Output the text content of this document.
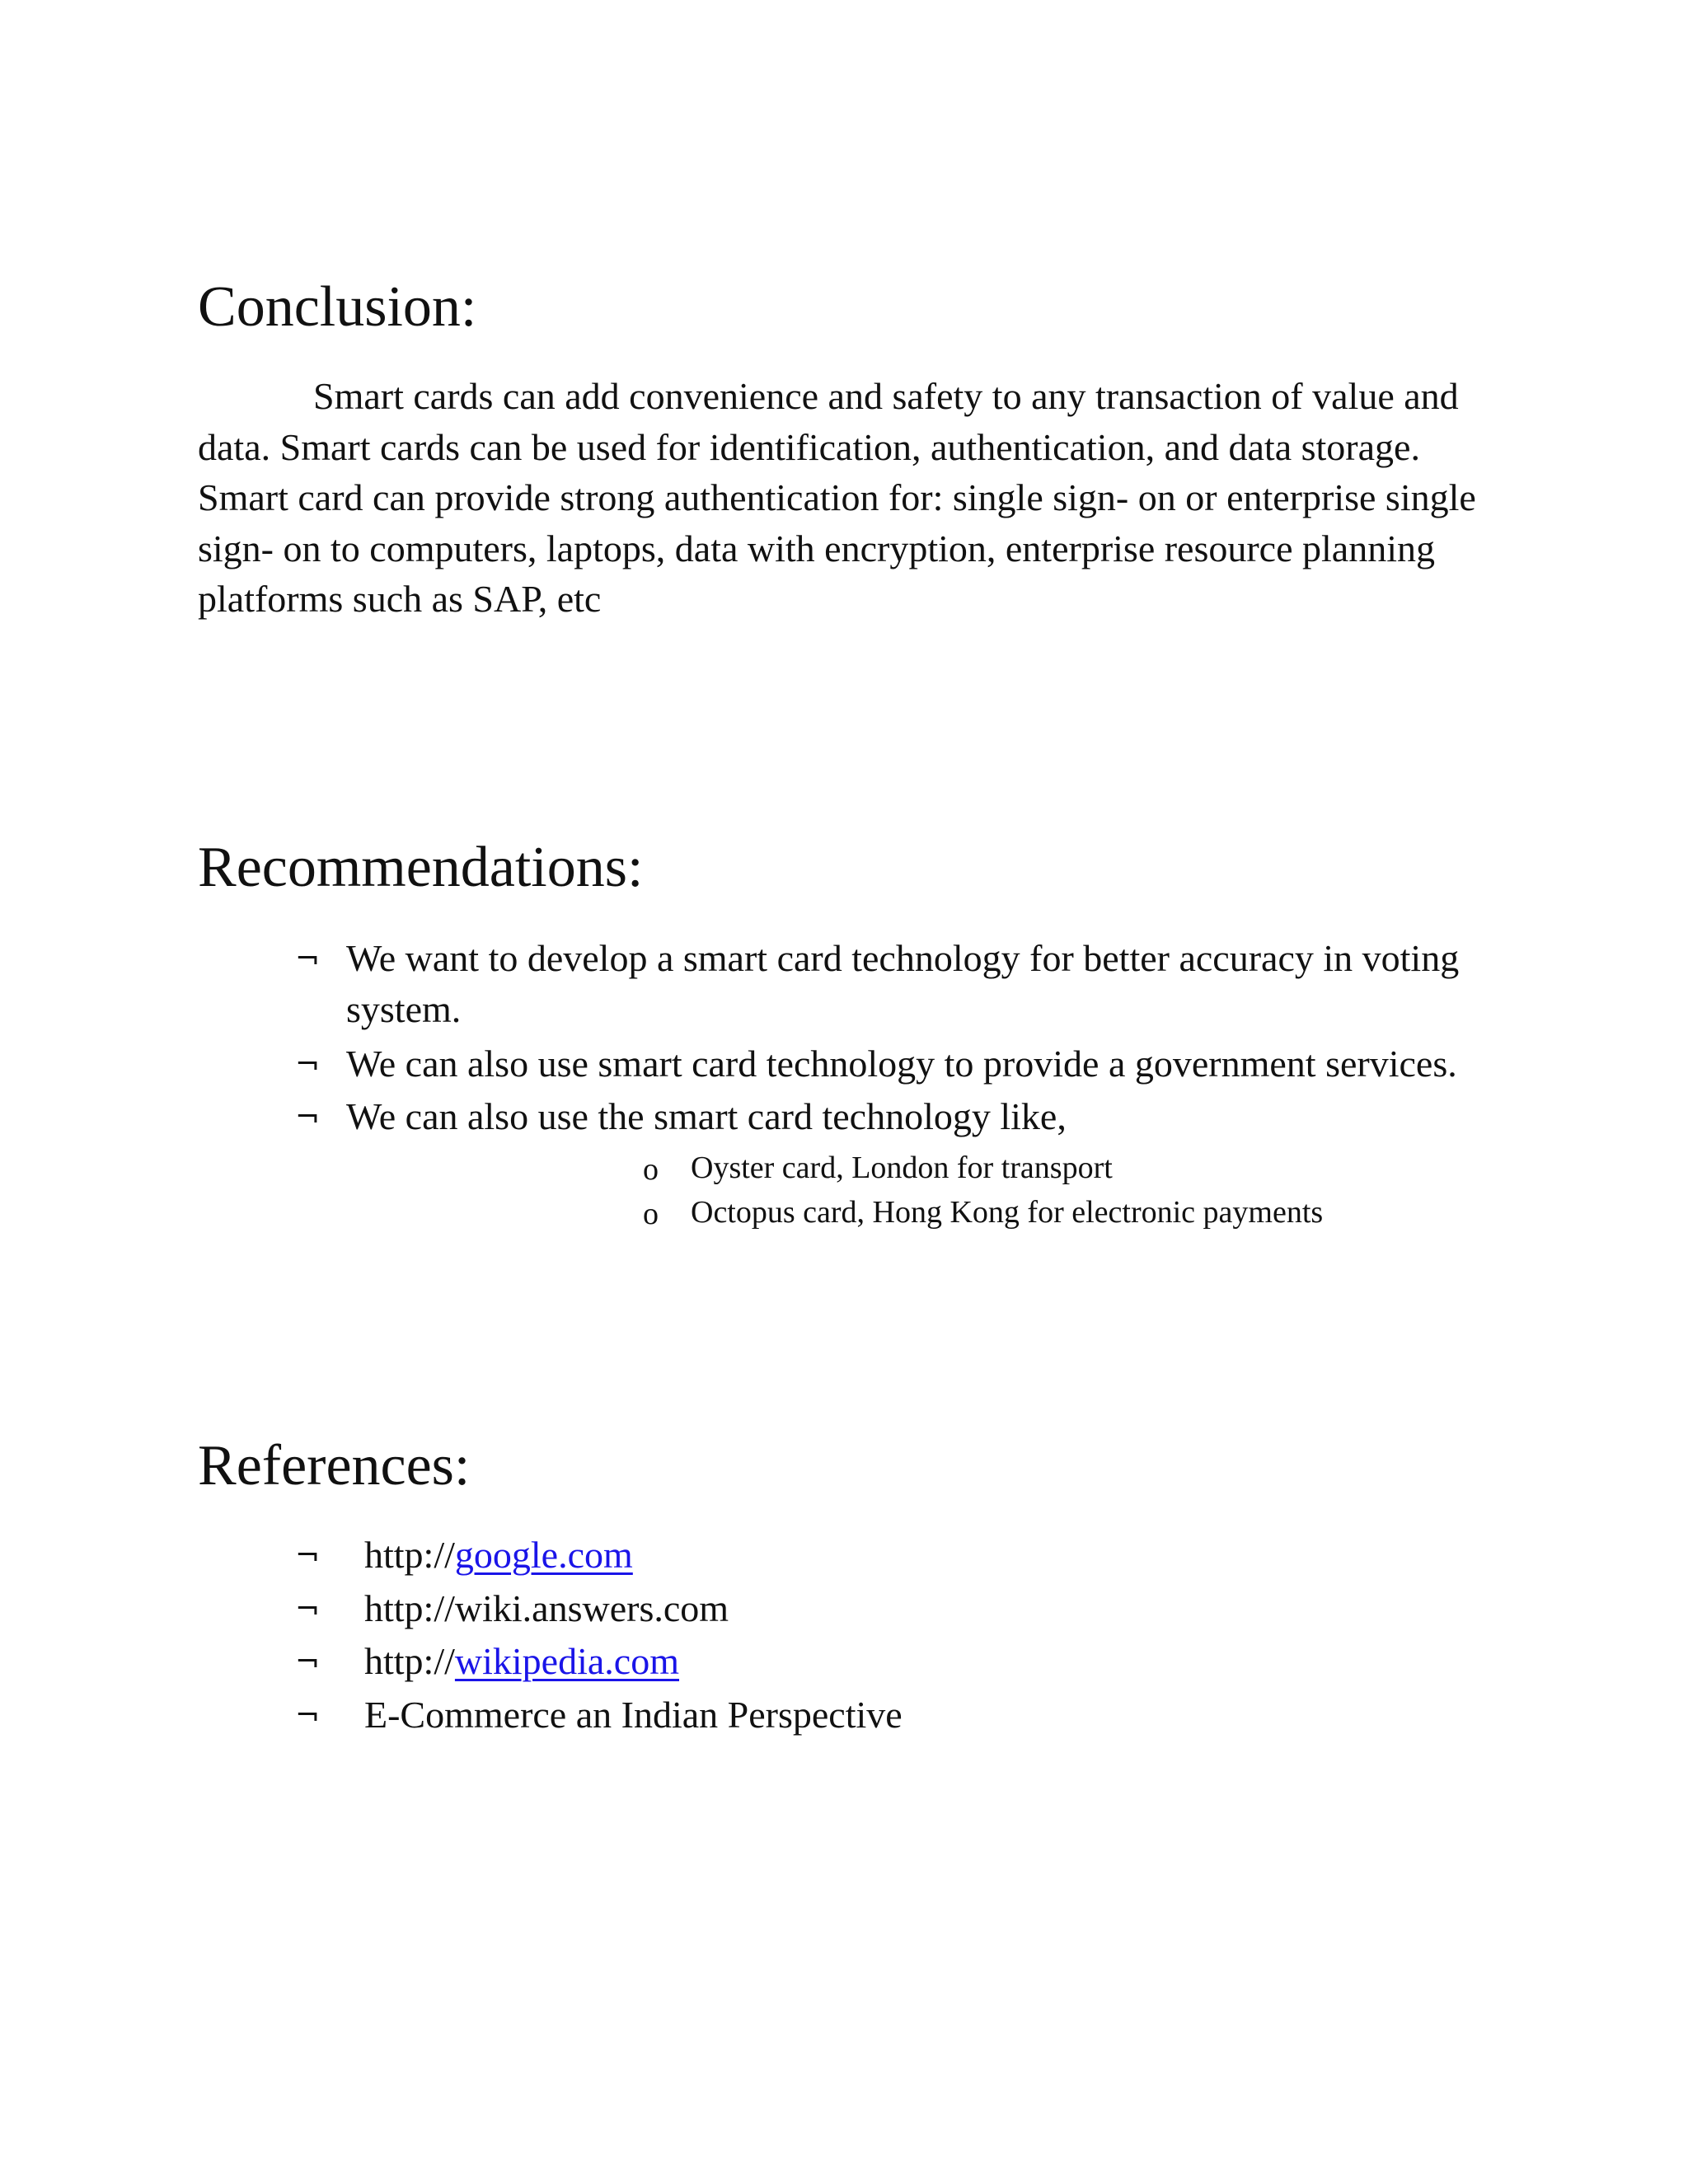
Conclusion:

Smart cards can add convenience and safety to any transaction of value and data. Smart cards can be used for identification, authentication, and data storage. Smart card can provide strong authentication for: single sign- on or enterprise single sign- on to computers, laptops, data with encryption, enterprise resource planning platforms such as SAP, etc

Recommendations:
¬ We want to develop a smart card technology for better accuracy in voting
system.
¬ We can also use smart card technology to provide a government services.
¬ We can also use the smart card technology like,
o Oyster card, London for transport
o Octopus card, Hong Kong for electronic payments
References:
¬ http://google.com
¬ http://wiki.answers.com
¬ http://wikipedia.com
¬ E-Commerce an Indian Perspective
